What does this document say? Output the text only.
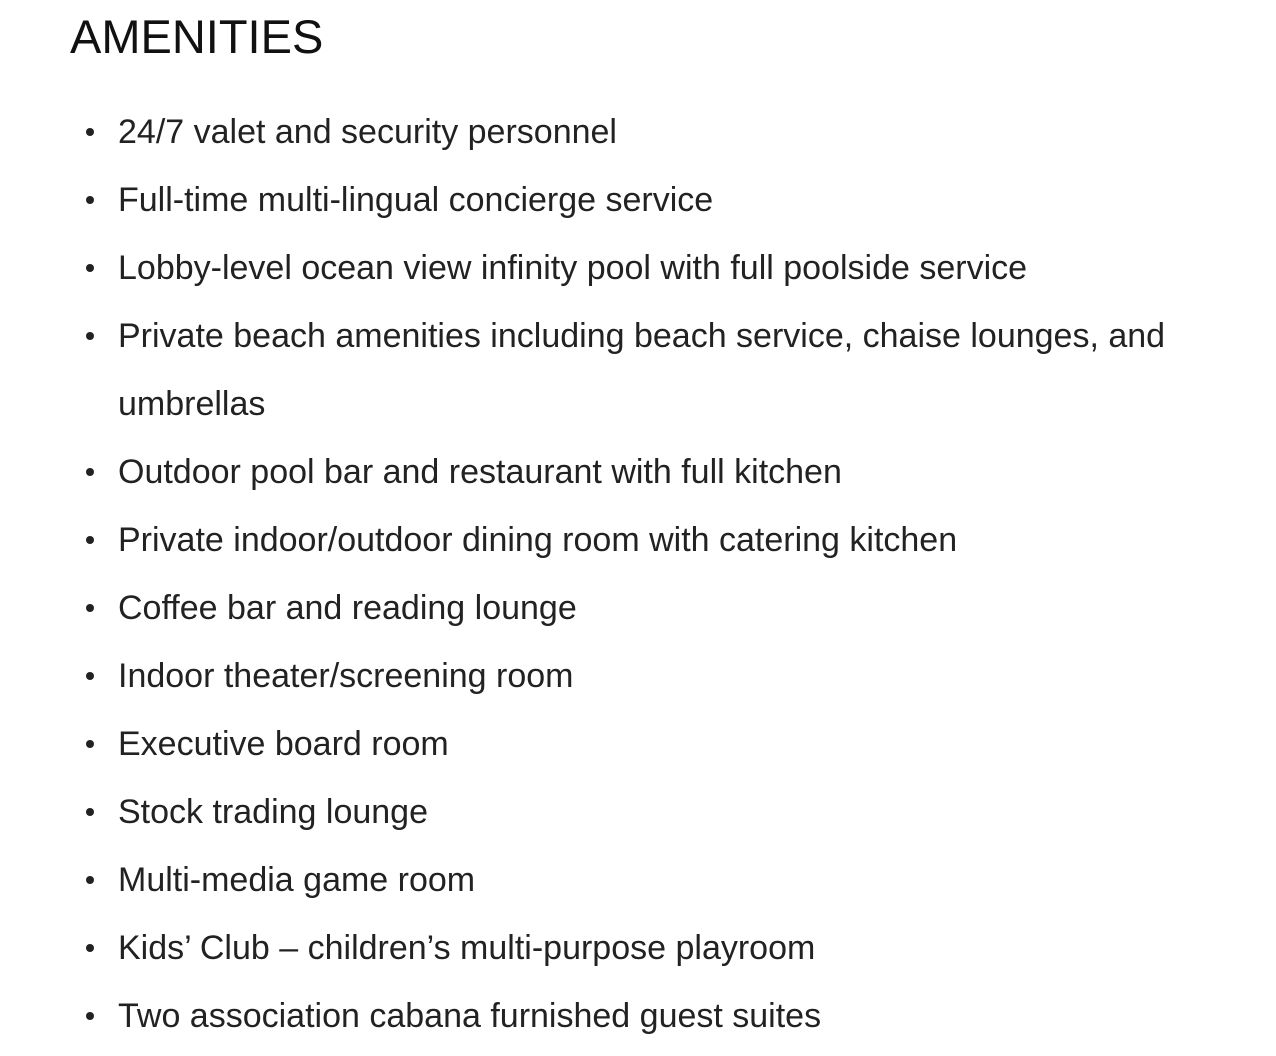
AMENITIES
24/7 valet and security personnel
Full-time multi-lingual concierge service
Lobby-level ocean view infinity pool with full poolside service
Private beach amenities including beach service, chaise lounges, and umbrellas
Outdoor pool bar and restaurant with full kitchen
Private indoor/outdoor dining room with catering kitchen
Coffee bar and reading lounge
Indoor theater/screening room
Executive board room
Stock trading lounge
Multi-media game room
Kids’ Club – children’s multi-purpose playroom
Two association cabana furnished guest suites
